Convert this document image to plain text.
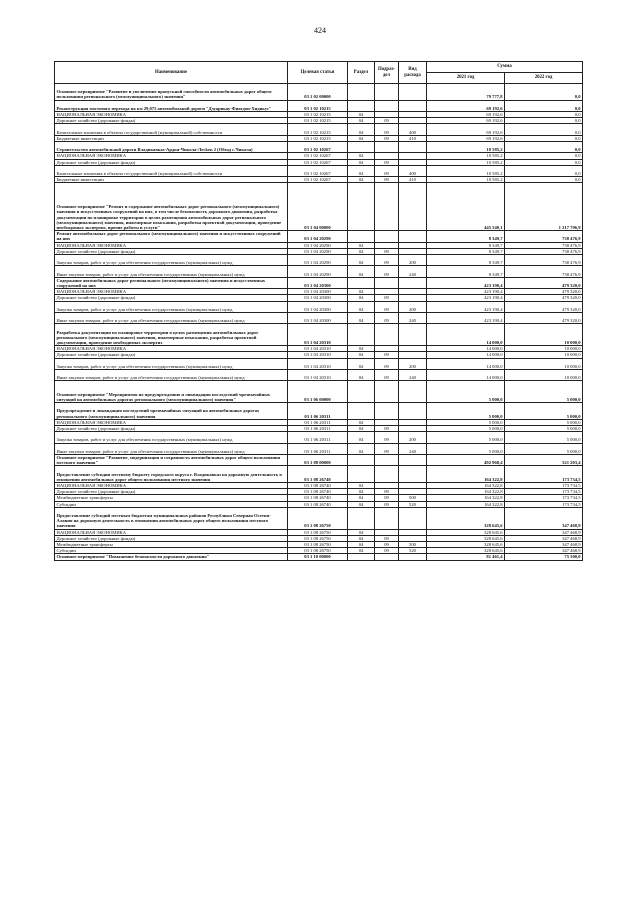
424
Наименование	Целевая статья	Раздел	Подраз-дел	Вид расхода	Сумма	
					2021 год	2022 год
Основное мероприятие "Развитие и увеличение пропускной способности автомобильных дорог общего пользования регионального (межмуниципального) значения"	03 1 02 00000				79 777,8	0,0
Реконструкция мостового перехода на км 29,075 автомобильной дороги "Дзуарикау-Фиагдон-Хидикус"	03 1 02 10215				69 192,6	0,0
НАЦИОНАЛЬНАЯ ЭКОНОМИКА	03 1 02 10215	04			69 192,6	0,0
Дорожное хозяйство (дорожные фонды)	03 1 02 10215	04	09		69 192,6	0,0
Капитальные вложения в объекты государственной (муниципальной) собственности	03 1 02 10215	04	09	400	69 192,6	0,0
Бюджетные инвестиции	03 1 02 10215	04	09	410	69 192,6	0,0
Строительство автомобильной дороги Владикавказ-Ардон-Чикола-Лесken 2 (Обход с.Чикола)	03 1 02 10267				10 585,2	0,0
НАЦИОНАЛЬНАЯ ЭКОНОМИКА	03 1 02 10267	04			10 585,2	0,0
Дорожное хозяйство (дорожные фонды)	03 1 02 10267	04	09		10 585,2	0,0
Капитальные вложения в объекты государственной (муниципальной) собственности	03 1 02 10267	04	09	400	10 585,2	0,0
Бюджетные инвестиции	03 1 02 10267	04	09	410	10 585,2	0,0
Основное мероприятие "Ремонт и содержание автомобильных дорог регионального (межмуниципального) значения и искусственных сооружений на них, в том числе безопасность дорожного движения, разработка документации по планировке территории в целях размещения автомобильных дорог регионального (межмуниципального) значения, инженерные изыскания, разработка проектной документации, проведение необходимых экспертиз, прочие работы и услуги"	03 1 04 00000				445 540,1	1 217 796,9
Ремонт автомобильных дорог регионального (межмуниципального) значения и искусственных сооружений на них	03 1 04 20290				8 349,7	738 476,9
НАЦИОНАЛЬНАЯ ЭКОНОМИКА	03 1 04 20290	04			8 349,7	738 476,9
Дорожное хозяйство (дорожные фонды)	03 1 04 20290	04	09		8 349,7	738 476,9
Закупка товаров, работ и услуг для обеспечения государственных (муниципальных) нужд	03 1 04 20290	04	09	200	8 349,7	738 476,9
Иные закупки товаров, работ и услуг для обеспечения государственных (муниципальных) нужд	03 1 04 20290	04	09	240	8 349,7	738 476,9
Содержание автомобильных дорог регионального (межмуниципального) значения и искусственных сооружений на них	03 1 04 20300				423 190,4	479 320,0
НАЦИОНАЛЬНАЯ ЭКОНОМИКА	03 1 04 20300	04			423 190,4	479 320,0
Дорожное хозяйство (дорожные фонды)	03 1 04 20300	04	09		423 190,4	479 320,0
Закупка товаров, работ и услуг для обеспечения государственных (муниципальных) нужд	03 1 04 20300	04	09	200	423 190,4	479 320,0
Иные закупки товаров, работ и услуг для обеспечения государственных (муниципальных) нужд	03 1 04 20300	04	09	240	423 190,4	479 320,0
Разработка документации по планировке территории в целях размещения автомобильных дорог регионального (межмуниципального) значения, инженерные изыскания, разработка проектной документации, проведение необходимых экспертиз	03 1 04 20310				14 000,0	10 000,0
НАЦИОНАЛЬНАЯ ЭКОНОМИКА	03 1 04 20310	04			14 000,0	10 000,0
Дорожное хозяйство (дорожные фонды)	03 1 04 20310	04	09		14 000,0	10 000,0
Закупка товаров, работ и услуг для обеспечения государственных (муниципальных) нужд	03 1 04 20310	04	09	200	14 000,0	10 000,0
Иные закупки товаров, работ и услуг для обеспечения государственных (муниципальных) нужд	03 1 04 20310	04	09	240	14 000,0	10 000,0
Основное мероприятие "Мероприятия по предупреждению и ликвидации последствий чрезвычайных ситуаций на автомобильных дорогах регионального (межмуниципального) значения"	03 1 06 00000				5 000,0	5 000,0
Предупреждение и ликвидация последствий чрезвычайных ситуаций на автомобильных дорогах регионального (межмуниципального) значения	03 1 06 20311				5 000,0	5 000,0
НАЦИОНАЛЬНАЯ ЭКОНОМИКА	03 1 06 20311	04			5 000,0	5 000,0
Дорожное хозяйство (дорожные фонды)	03 1 06 20311	04	09		5 000,0	5 000,0
Закупка товаров, работ и услуг для обеспечения государственных (муниципальных) нужд	03 1 06 20311	04	09	200	5 000,0	5 000,0
Иные закупки товаров, работ и услуг для обеспечения государственных (муниципальных) нужд	03 1 06 20311	04	09	240	5 000,0	5 000,0
Основное мероприятие "Развитие, модернизация и сохранность автомобильных дорог общего пользования местного значения"	03 1 08 00000				492 968,4	521 203,4
Предоставление субсидии местному бюджету городского округа г. Владикавказ на дорожную деятельность в отношении автомобильных дорог общего пользования местного значения	03 1 08 26740				164 322,8	173 734,5
НАЦИОНАЛЬНАЯ ЭКОНОМИКА	03 1 08 26740	04			164 322,8	173 734,5
Дорожное хозяйство (дорожные фонды)	03 1 08 26740	04	09		164 322,8	173 734,5
Межбюджетные трансферты	03 1 08 26740	04	09	500	164 322,8	173 734,5
Субсидии	03 1 08 26740	04	09	520	164 322,8	173 734,5
Предоставление субсидий местным бюджетам муниципальных районов Республики Северная Осетия-Алания на дорожную деятельность в отношении автомобильных дорог общего пользования местного значения	03 1 08 26750				328 645,6	347 468,9
НАЦИОНАЛЬНАЯ ЭКОНОМИКА	03 1 08 26750	04			328 645,6	347 468,9
Дорожное хозяйство (дорожные фонды)	03 1 08 26750	04	09		328 645,6	347 468,9
Межбюджетные трансферты	03 1 08 26750	04	09	500	328 645,6	347 468,9
Субсидии	03 1 08 26750	04	09	520	328 645,6	347 468,9
Основное мероприятие "Повышение безопасности дорожного движения"	03 1 10 00000				81 461,4	75 500,0
